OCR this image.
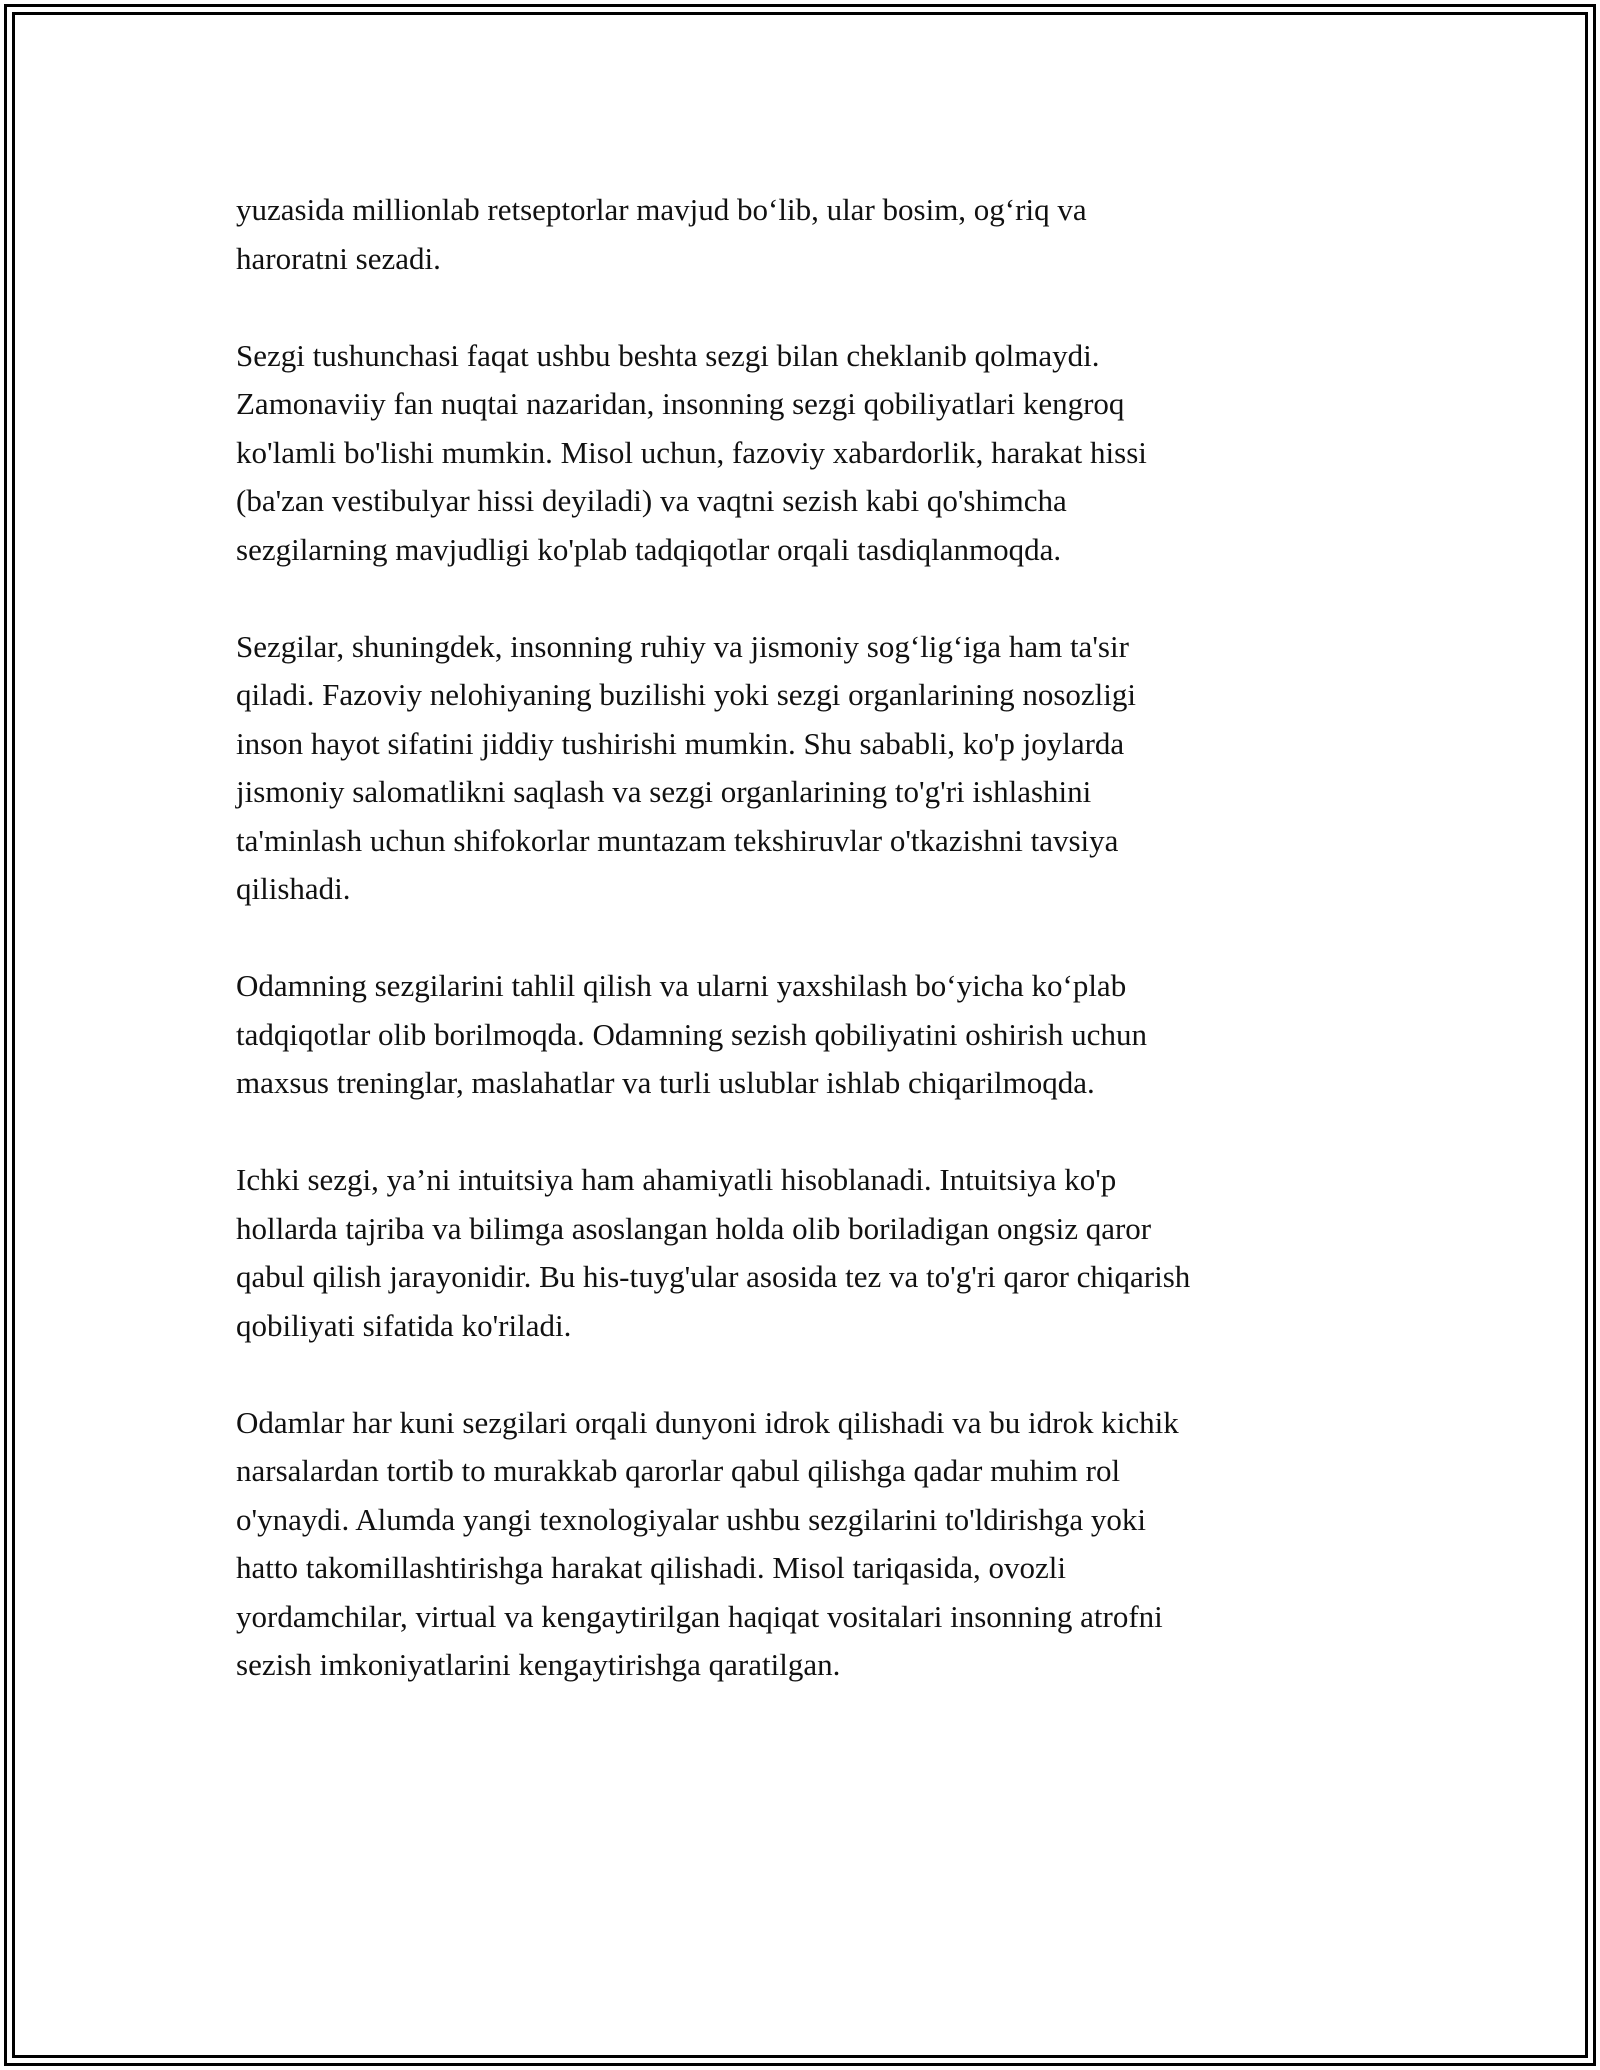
yuzasida millionlab retseptorlar mavjud bo‘lib, ular bosim, og‘riq va
haroratni sezadi.

Sezgi tushunchasi faqat ushbu beshta sezgi bilan cheklanib qolmaydi.
Zamonaviiy fan nuqtai nazaridan, insonning sezgi qobiliyatlari kengroq
ko'lamli bo'lishi mumkin. Misol uchun, fazoviy xabardorlik, harakat hissi
(ba'zan vestibulyar hissi deyiladi) va vaqtni sezish kabi qo'shimcha
sezgilarning mavjudligi ko'plab tadqiqotlar orqali tasdiqlanmoqda.

Sezgilar, shuningdek, insonning ruhiy va jismoniy sog‘lig‘iga ham ta'sir
qiladi. Fazoviy nelohiyaning buzilishi yoki sezgi organlarining nosozligi
inson hayot sifatini jiddiy tushirishi mumkin. Shu sababli, ko'p joylarda
jismoniy salomatlikni saqlash va sezgi organlarining to'g'ri ishlashini
ta'minlash uchun shifokorlar muntazam tekshiruvlar o'tkazishni tavsiya
qilishadi.

Odamning sezgilarini tahlil qilish va ularni yaxshilash bo‘yicha ko‘plab
tadqiqotlar olib borilmoqda. Odamning sezish qobiliyatini oshirish uchun
maxsus treninglar, maslahatlar va turli uslublar ishlab chiqarilmoqda.

Ichki sezgi, ya’ni intuitsiya ham ahamiyatli hisoblanadi. Intuitsiya ko'p
hollarda tajriba va bilimga asoslangan holda olib boriladigan ongsiz qaror
qabul qilish jarayonidir. Bu his-tuyg'ular asosida tez va to'g'ri qaror chiqarish
qobiliyati sifatida ko'riladi.

Odamlar har kuni sezgilari orqali dunyoni idrok qilishadi va bu idrok kichik
narsalardan tortib to murakkab qarorlar qabul qilishga qadar muhim rol
o'ynaydi. Alumda yangi texnologiyalar ushbu sezgilarini to'ldirishga yoki
hatto takomillashtirishga harakat qilishadi. Misol tariqasida, ovozli
yordamchilar, virtual va kengaytirilgan haqiqat vositalari insonning atrofni
sezish imkoniyatlarini kengaytirishga qaratilgan.
